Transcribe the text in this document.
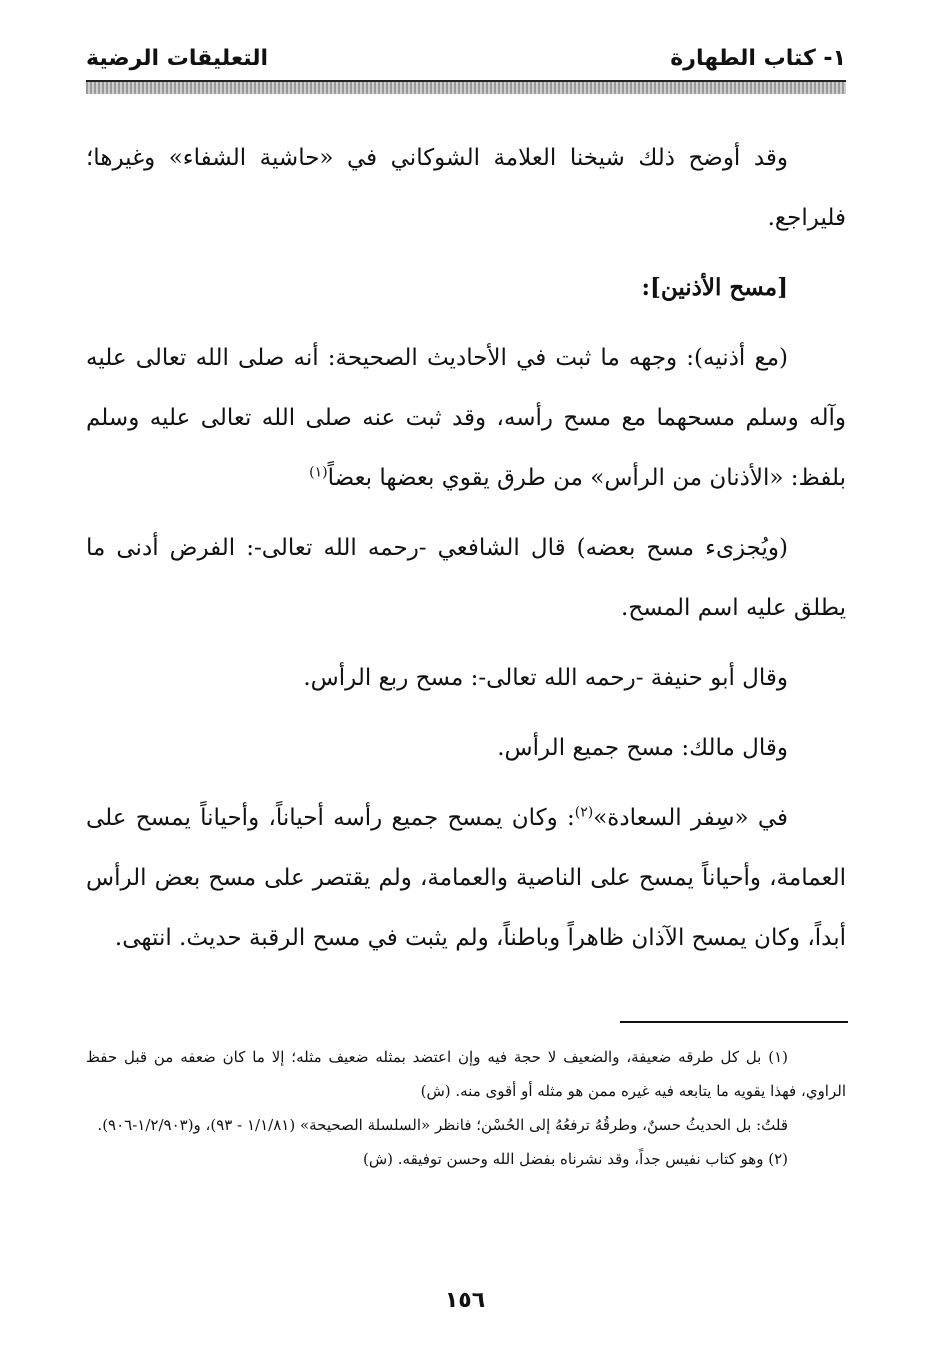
١- كتاب الطهارة
التعليقات الرضية

وقد أوضح ذلك شيخنا العلامة الشوكاني في «حاشية الشفاء» وغيرها؛ فليراجع.

[مسح الأذنين]:

(مع أذنيه): وجهه ما ثبت في الأحاديث الصحيحة: أنه صلى الله تعالى عليه وآله وسلم مسحهما مع مسح رأسه، وقد ثبت عنه صلى الله تعالى عليه وسلم بلفظ: «الأذنان من الرأس» من طرق يقوي بعضها بعضاً$^{(١)}$

(ويُجزىء مسح بعضه) قال الشافعي -رحمه الله تعالى-: الفرض أدنى ما يطلق عليه اسم المسح.

وقال أبو حنيفة -رحمه الله تعالى-: مسح ربع الرأس.

وقال مالك: مسح جميع الرأس.

في «سِفر السعادة»$^{(٢)}$: وكان يمسح جميع رأسه أحياناً، وأحياناً يمسح على العمامة، وأحياناً يمسح على الناصية والعمامة، ولم يقتصر على مسح بعض الرأس أبداً، وكان يمسح الآذان ظاهراً وباطناً، ولم يثبت في مسح الرقبة حديث. انتهى.

(١) بل كل طرقه ضعيفة، والضعيف لا حجة فيه وإن اعتضد بمثله ضعيف مثله؛ إلا ما كان ضعفه من قبل حفظ الراوي، فهذا يقويه ما يتابعه فيه غيره ممن هو مثله أو أقوى منه. (ش)

قلتُ: بل الحديثُ حسنٌ، وطرقُهُ ترفعُهُ إلى الحُسْن؛ فانظر «السلسلة الصحيحة» (١/١/٨١ - ٩٣)، و(١/٢/٩٠٣-٩٠٦).

(٢) وهو كتاب نفيس جداً، وقد نشرناه بفضل الله وحسن توفيقه. (ش)

١٥٦
